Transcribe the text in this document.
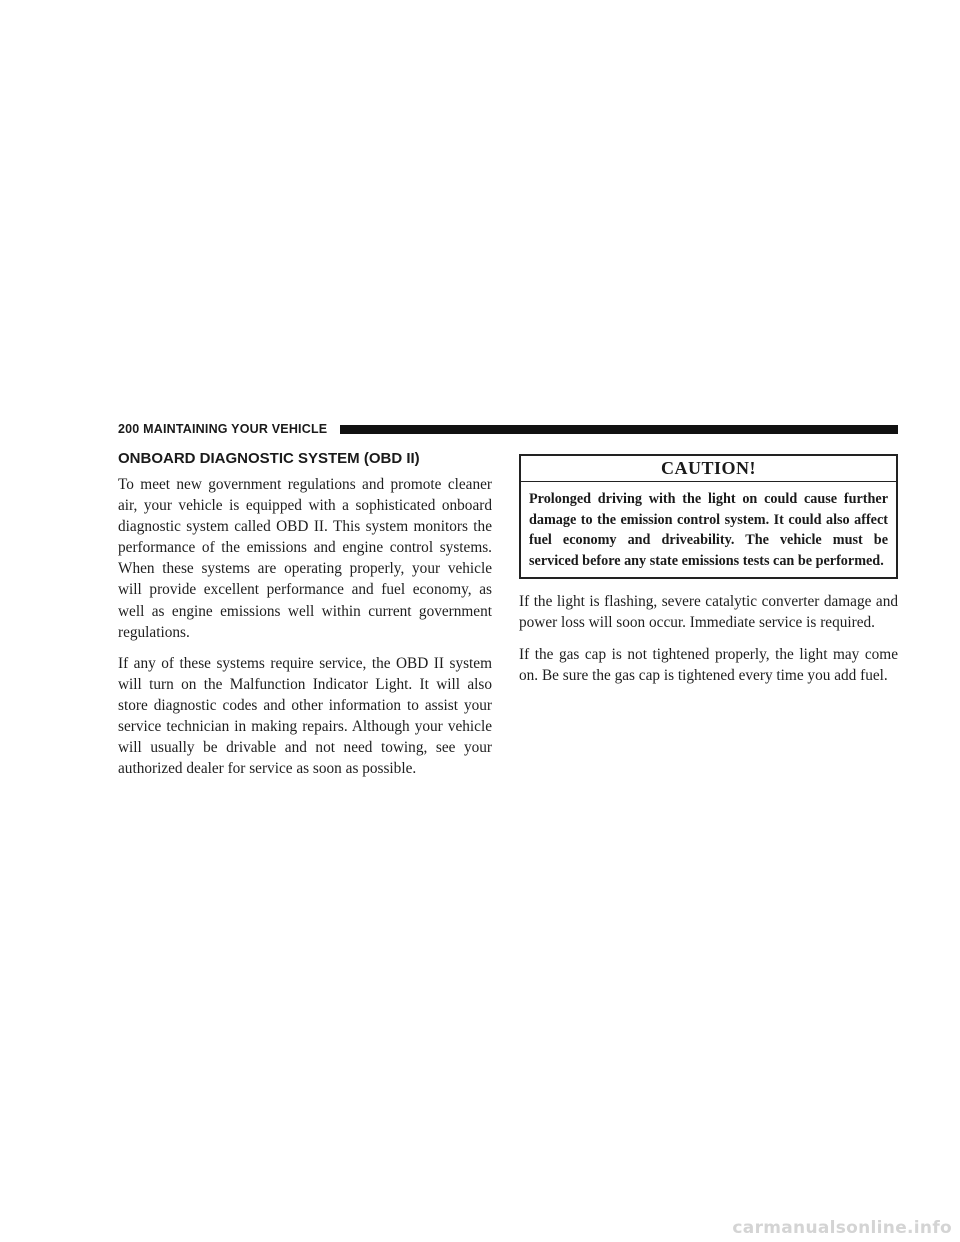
200 MAINTAINING YOUR VEHICLE
ONBOARD DIAGNOSTIC SYSTEM (OBD II)

To meet new government regulations and promote cleaner air, your vehicle is equipped with a sophisticated onboard diagnostic system called OBD II. This system monitors the performance of the emissions and engine control systems. When these systems are operating properly, your vehicle will provide excellent performance and fuel economy, as well as engine emissions well within current government regulations.

If any of these systems require service, the OBD II system will turn on the Malfunction Indicator Light. It will also store diagnostic codes and other information to assist your service technician in making repairs. Although your vehicle will usually be drivable and not need towing, see your authorized dealer for service as soon as possible.

CAUTION!
Prolonged driving with the light on could cause further damage to the emission control system. It could also affect fuel economy and driveability. The vehicle must be serviced before any state emissions tests can be performed.

If the light is flashing, severe catalytic converter damage and power loss will soon occur. Immediate service is required.

If the gas cap is not tightened properly, the light may come on. Be sure the gas cap is tightened every time you add fuel.

carmanualsonline.info
